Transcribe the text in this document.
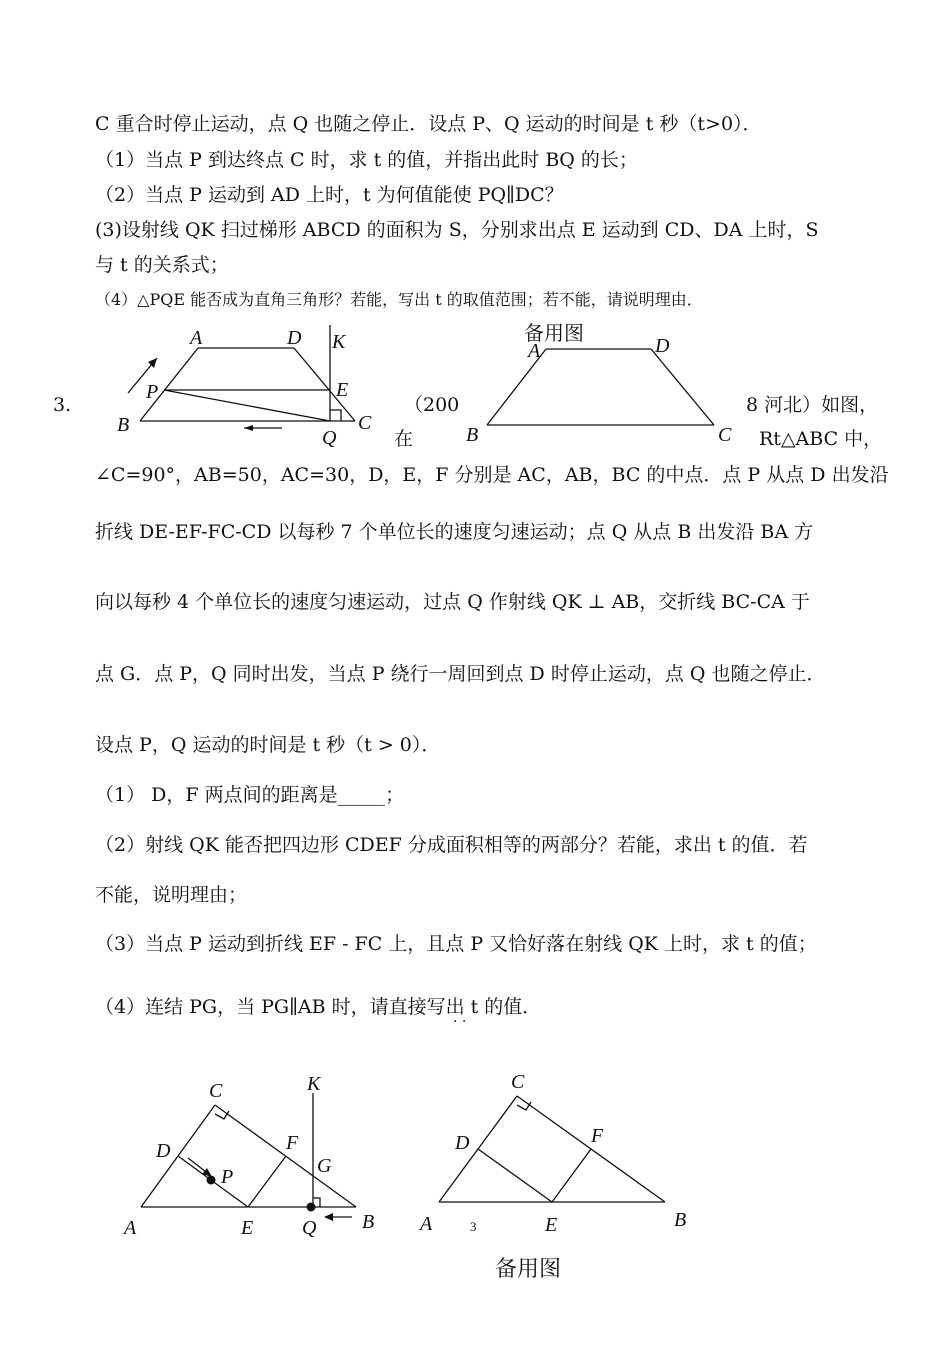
C 重合时停止运动，点 Q 也随之停止．设点 P、Q 运动的时间是 t 秒（t>0）．
（1）当点 P 到达终点 C 时，求 t 的值，并指出此时 BQ 的长；
（2）当点 P 运动到 AD 上时，t 为何值能使 PQ∥DC？
(3)设射线 QK 扫过梯形 ABCD 的面积为 S，分别求出点 E 运动到 CD、DA 上时，S
与 t 的关系式；
（4）△PQE 能否成为直角三角形？若能，写出 t 的取值范围；若不能，请说明理由．
A	D K
P	E
B
Q
C
备用图
A	D
B	C
3.	（200	8 河北）如图，
在	Rt△ABC 中，
∠C=90°，AB=50，AC=30，D，E，F 分别是 AC，AB，BC 的中点．点 P 从点 D 出发沿
折线 DE-EF-FC-CD 以每秒 7 个单位长的速度匀速运动；点 Q 从点 B 出发沿 BA 方
向以每秒 4 个单位长的速度匀速运动，过点 Q 作射线 QK ⊥ AB，交折线 BC-CA 于
点 G．点 P，Q 同时出发，当点 P 绕行一周回到点 D 时停止运动，点 Q 也随之停止．
设点 P，Q 运动的时间是 t 秒（t > 0）．
（1） D，F 两点间的距离是_____；
（2）射线 QK 能否把四边形 CDEF 分成面积相等的两部分？若能，求出 t 的值．若
不能，说明理由；
（3）当点 P 运动到折线 EF - FC 上，且点 P 又恰好落在射线 QK 上时，求 t 的值；
（4）连结 PG，当 PG∥AB 时，请直接写出 t 的值．
· ·
C	K
D	F
P	G
A	E Q B
C
D	F
A	E	B
3
备用图
